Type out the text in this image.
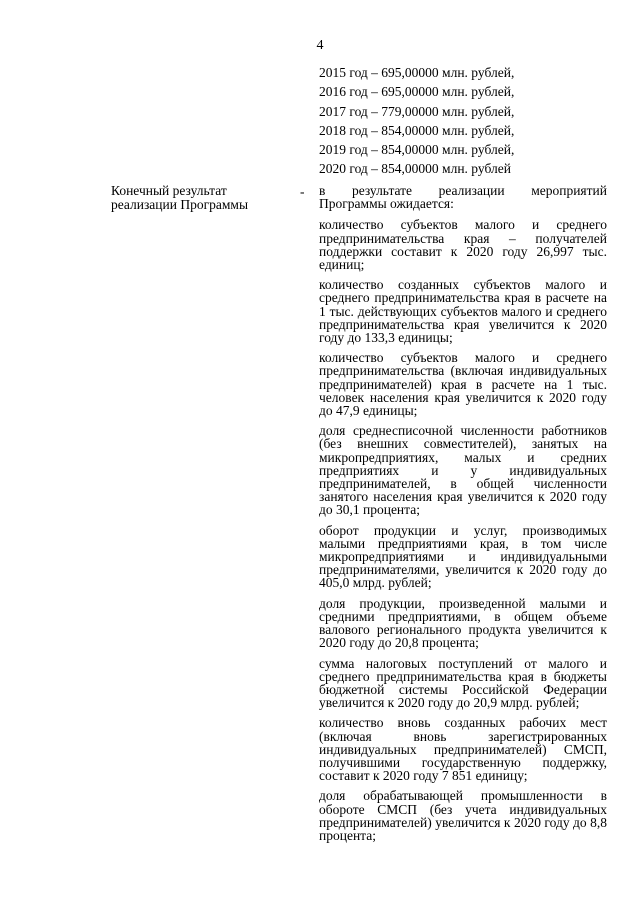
4
2015 год – 695,00000 млн. рублей,
2016 год – 695,00000 млн. рублей,
2017 год – 779,00000 млн. рублей,
2018 год – 854,00000 млн. рублей,
2019 год – 854,00000 млн. рублей,
2020 год – 854,00000 млн. рублей
Конечный результат реализации Программы
- в результате реализации мероприятий Программы ожидается:

количество субъектов малого и среднего предпринимательства края – получателей поддержки составит к 2020 году 26,997 тыс. единиц;

количество созданных субъектов малого и среднего предпринимательства края в расчете на 1 тыс. действующих субъектов малого и среднего предпринимательства края увеличится к 2020 году до 133,3 единицы;

количество субъектов малого и среднего предпринимательства (включая индивидуальных предпринимателей) края в расчете на 1 тыс. человек населения края увеличится к 2020 году до 47,9 единицы;

доля среднесписочной численности работников (без внешних совместителей), занятых на микропредприятиях, малых и средних предприятиях и у индивидуальных предпринимателей, в общей численности занятого населения края увеличится к 2020 году до 30,1 процента;

оборот продукции и услуг, производимых малыми предприятиями края, в том числе микропредприятиями и индивидуальными предпринимателями, увеличится к 2020 году до 405,0 млрд. рублей;

доля продукции, произведенной малыми и средними предприятиями, в общем объеме валового регионального продукта увеличится к 2020 году до 20,8 процента;

сумма налоговых поступлений от малого и среднего предпринимательства края в бюджеты бюджетной системы Российской Федерации увеличится к 2020 году до 20,9 млрд. рублей;

количество вновь созданных рабочих мест (включая вновь зарегистрированных индивидуальных предпринимателей) СМСП, получившими государственную поддержку, составит к 2020 году 7 851 единицу;

доля обрабатывающей промышленности в обороте СМСП (без учета индивидуальных предпринимателей) увеличится к 2020 году до 8,8 процента;
